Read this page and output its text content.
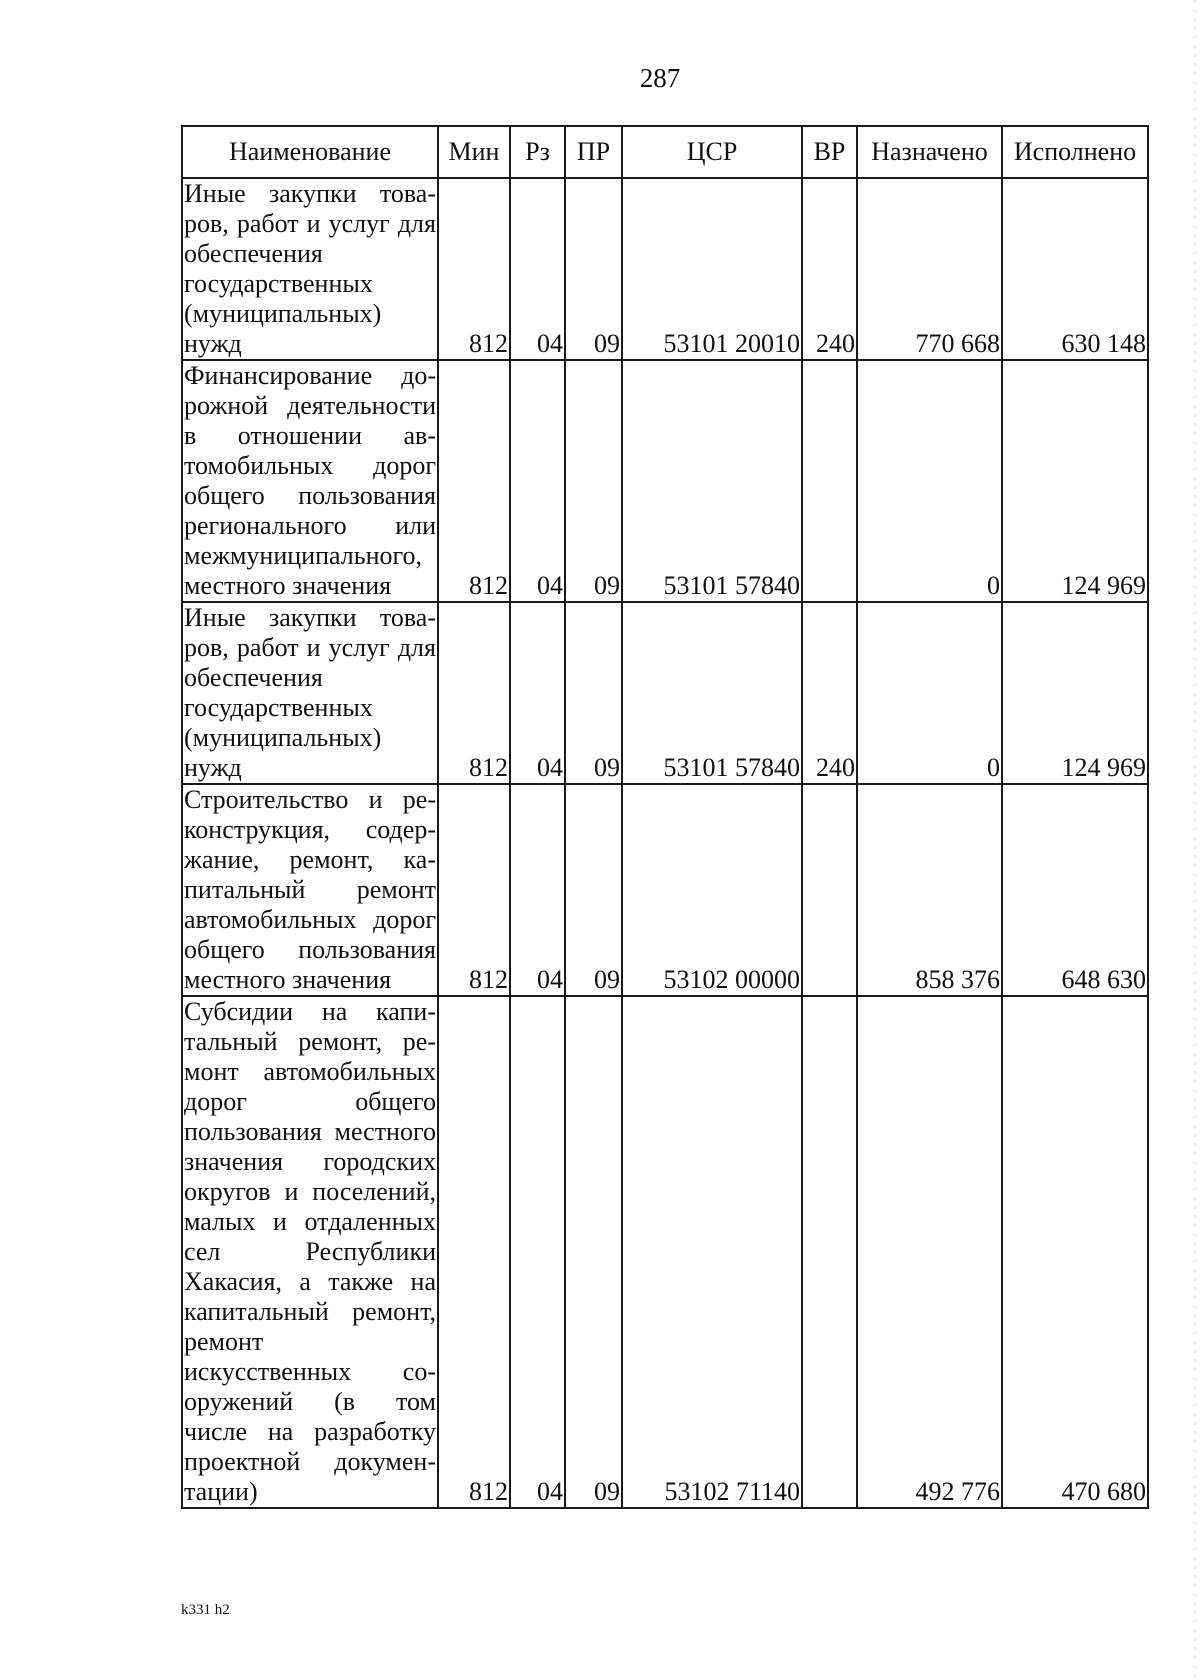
287
Наименование	Мин	Рз	ПР	ЦСР	ВР	Назначено	Исполнено
Иные закупки товаров, работ и услуг для обеспечения государственных (муниципальных) нужд	812	04	09	53101 20010	240	770 668	630 148
Финансирование дорожной деятельности в отношении автомобильных дорог общего пользования регионального или межмуниципального, местного значения	812	04	09	53101 57840		0	124 969
Иные закупки товаров, работ и услуг для обеспечения государственных (муниципальных) нужд	812	04	09	53101 57840	240	0	124 969
Строительство и реконструкция, содержание, ремонт, капитальный ремонт автомобильных дорог общего пользования местного значения	812	04	09	53102 00000		858 376	648 630
Субсидии на капитальный ремонт, ремонт автомобильных дорог общего пользования местного значения городских округов и поселений, малых и отдаленных сел Республики Хакасия, а также на капитальный ремонт, ремонт искусственных сооружений (в том числе на разработку проектной документации)	812	04	09	53102 71140		492 776	470 680
k331 h2
